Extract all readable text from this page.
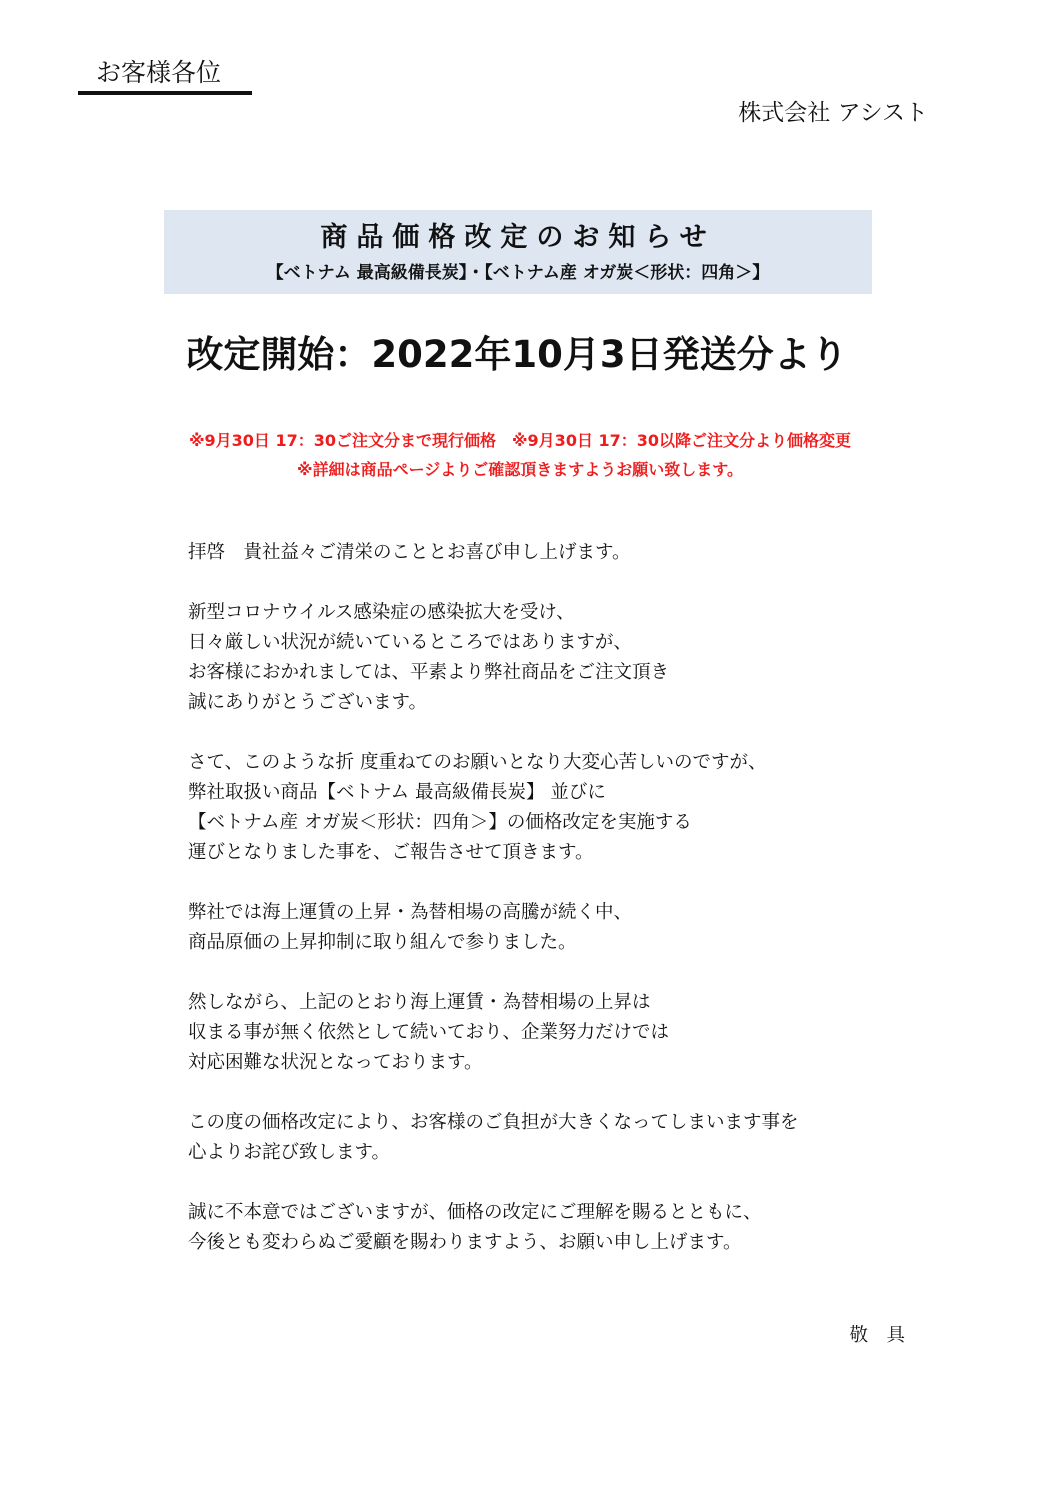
お客様各位
株式会社 アシスト
商品価格改定のお知らせ
【ベトナム 最高級備長炭】・【ベトナム産 オガ炭＜形状：四角＞】
改定開始：2022年10月3日発送分より
※9月30日 17：30ご注文分まで現行価格　※9月30日 17：30以降ご注文分より価格変更
※詳細は商品ページよりご確認頂きますようお願い致します。

拝啓　貴社益々ご清栄のこととお喜び申し上げます。

新型コロナウイルス感染症の感染拡大を受け、
日々厳しい状況が続いているところではありますが、
お客様におかれましては、平素より弊社商品をご注文頂き
誠にありがとうございます。

さて、このような折 度重ねてのお願いとなり大変心苦しいのですが、
弊社取扱い商品【ベトナム 最高級備長炭】 並びに
【ベトナム産 オガ炭＜形状：四角＞】の価格改定を実施する
運びとなりました事を、ご報告させて頂きます。

弊社では海上運賃の上昇・為替相場の高騰が続く中、
商品原価の上昇抑制に取り組んで参りました。

然しながら、上記のとおり海上運賃・為替相場の上昇は
収まる事が無く依然として続いており、企業努力だけでは
対応困難な状況となっております。

この度の価格改定により、お客様のご負担が大きくなってしまいます事を
心よりお詫び致します。

誠に不本意ではございますが、価格の改定にご理解を賜るとともに、
今後とも変わらぬご愛顧を賜わりますよう、お願い申し上げます。

敬　具
